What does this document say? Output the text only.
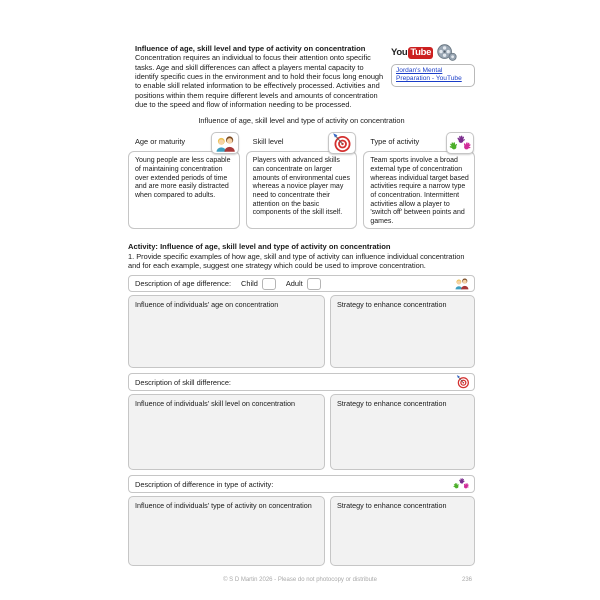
You Tube
Jordan's Mental Preparation - YouTube
Influence of age, skill level and type of activity on concentration
Concentration requires an individual to focus their attention onto specific tasks. Age and skill differences can affect a players mental capacity to identify specific cues in the environment and to hold their focus long enough to enable skill related information to be effectively processed. Activities and positions within them require different levels and amounts of concentration due to the speed and flow of information needing to be processed.
Influence of age, skill level and type of activity on concentration
Age or maturity
Young people are less capable of maintaining concentration over extended periods of time and are more easily distracted when compared to adults.
Skill level
Players with advanced skills can concentrate on larger amounts of environmental cues whereas a novice player may need to concentrate their attention on the basic components of the skill itself.
Type of activity
Team sports involve a broad external type of concentration whereas individual target based activities require a narrow type of concentration. Intermittent activities allow a player to 'switch off' between points and games.
Activity: Influence of age, skill level and type of activity on concentration
1. Provide specific examples of how age, skill and type of activity can influence individual concentration and for each example, suggest one strategy which could be used to improve concentration.
Description of age difference: Child	Adult
Influence of individuals' age on concentration	Strategy to enhance concentration
Description of skill difference:
Influence of individuals' skill level on concentration	Strategy to enhance concentration
Description of difference in type of activity:
Influence of individuals' type of activity on concentration	Strategy to enhance concentration
© S D Martin 2026 - Please do not photocopy or distribute	236
